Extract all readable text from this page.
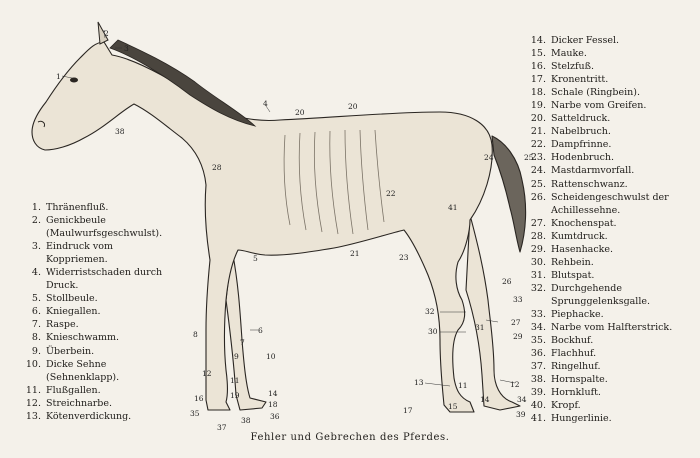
1
2
3
4
5
6
7
8
9	10
11
12
13
14
15
16
17
18
19
20
20
38
21
22
23
24	25
26
27
28
29
30	31
32
33
34
35	36
37
38
39
41
14
11	12
1. Thränenfluß.
2. Genickbeule (Maulwurfsgeschwulst).
3. Eindruck vom Koppriemen.
4. Widerristschaden durch Druck.
5. Stollbeule.
6. Kniegallen.
7. Raspe.
8. Knieschwamm.
9. Überbein.
10. Dicke Sehne (Sehnenklapp).
11. Flußgallen.
12. Streichnarbe.
13. Kötenverdickung.
14. Dicker Fessel.
15. Mauke.
16. Stelzfuß.
17. Kronentritt.
18. Schale (Ringbein).
19. Narbe vom Greifen.
20. Satteldruck.
21. Nabelbruch.
22. Dampfrinne.
23. Hodenbruch.
24. Mastdarmvorfall.
25. Rattenschwanz.
26. Scheidengeschwulst der Achillessehne.
27. Knochenspat.
28. Kumtdruck.
29. Hasenhacke.
30. Rehbein.
31. Blutspat.
32. Durchgehende Sprunggelenksgalle.
33. Piephacke.
34. Narbe vom Halfterstrick.
35. Bockhuf.
36. Flachhuf.
37. Ringelhuf.
38. Hornspalte.
39. Hornkluft.
40. Kropf.
41. Hungerlinie.
Fehler und Gebrechen des Pferdes.
